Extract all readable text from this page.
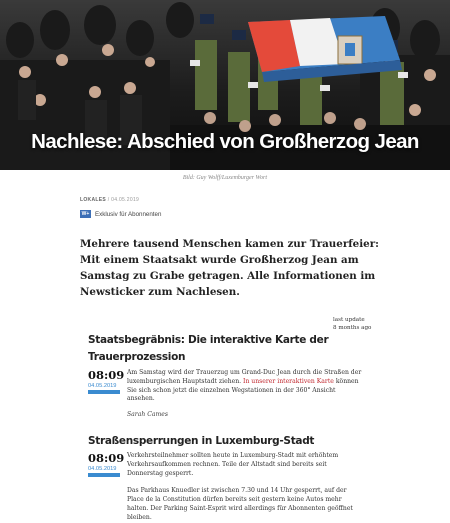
Nachlese: Abschied von Großherzog Jean
Bild: Guy Wolff/Luxemburger Wort
LOKALES / 04.05.2019
W+ Exklusiv für Abonnenten
Mehrere tausend Menschen kamen zur Trauerfeier: Mit einem Staatsakt wurde Großherzog Jean am Samstag zu Grabe getragen. Alle Informationen im Newsticker zum Nachlesen.
last update
8 months ago
Staatsbegräbnis: Die interaktive Karte der Trauerprozession
08:09
04.05.2019
Am Samstag wird der Trauerzug um Grand-Duc Jean durch die Straßen der luxemburgischen Hauptstadt ziehen. In unserer interaktiven Karte können Sie sich schon jetzt die einzelnen Wegstationen in der 360° Ansicht ansehen.
Sarah Cames
Straßensperrungen in Luxemburg-Stadt
08:09
04.05.2019
Verkehrsteilnehmer sollten heute in Luxemburg-Stadt mit erhöhtem Verkehrsaufkommen rechnen. Teile der Altstadt sind bereits seit Donnerstag gesperrt.
Das Parkhaus Knuedler ist zwischen 7.30 und 14 Uhr gesperrt, auf der Place de la Constitution dürfen bereits seit gestern keine Autos mehr halten. Der Parking Saint-Esprit wird allerdings für Abonnenten geöffnet bleiben.
